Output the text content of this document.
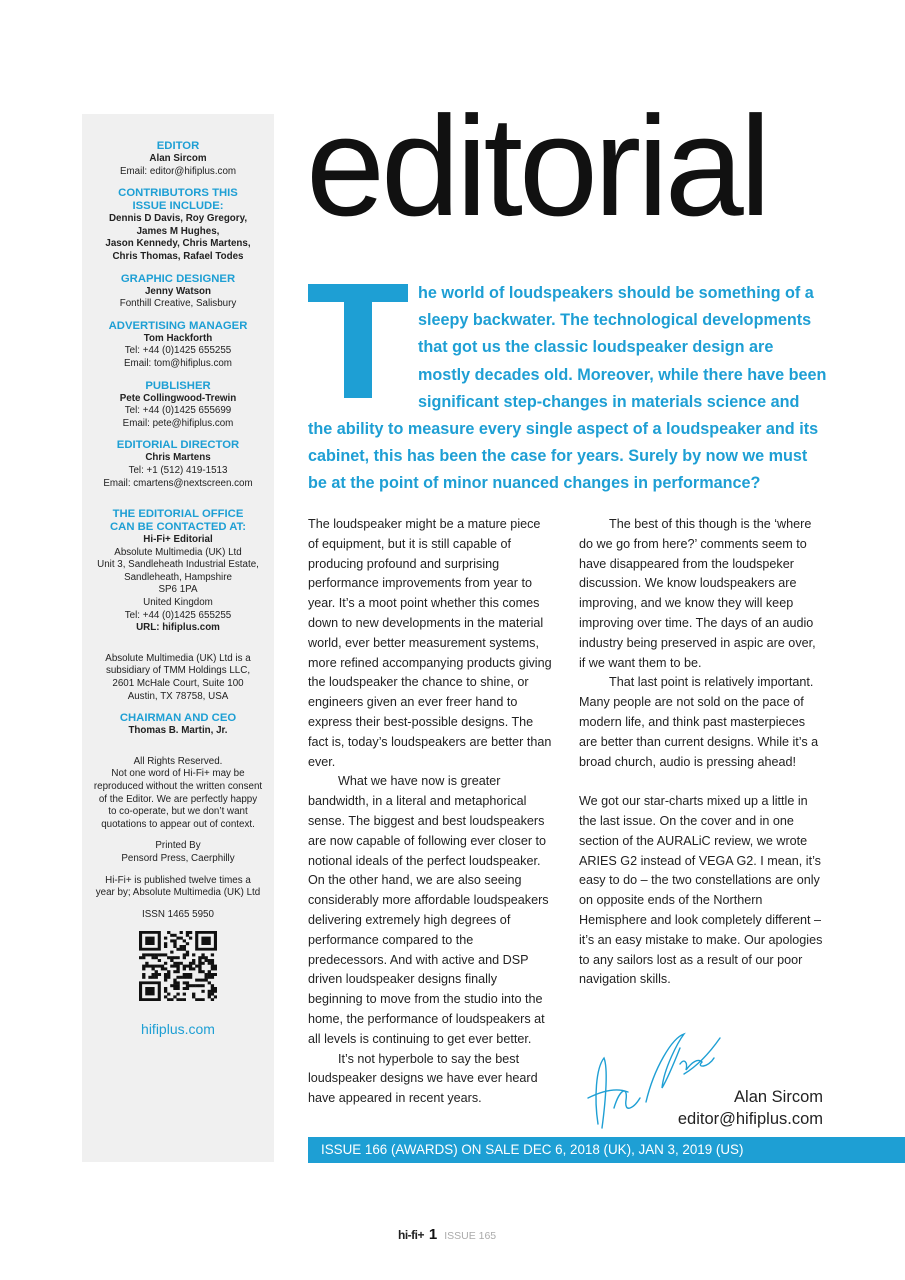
EDITOR
Alan Sircom
Email: editor@hifiplus.com
CONTRIBUTORS THIS
ISSUE INCLUDE:
Dennis D Davis, Roy Gregory,
James M Hughes,
Jason Kennedy, Chris Martens,
Chris Thomas, Rafael Todes
GRAPHIC DESIGNER
Jenny Watson
Fonthill Creative, Salisbury
ADVERTISING MANAGER
Tom Hackforth
Tel: +44 (0)1425 655255
Email: tom@hifiplus.com
PUBLISHER
Pete Collingwood-Trewin
Tel: +44 (0)1425 655699
Email: pete@hifiplus.com
EDITORIAL DIRECTOR
Chris Martens
Tel: +1 (512) 419-1513
Email: cmartens@nextscreen.com
THE EDITORIAL OFFICE
CAN BE CONTACTED AT:
Hi-Fi+ Editorial
Absolute Multimedia (UK) Ltd
Unit 3, Sandleheath Industrial Estate,
Sandleheath, Hampshire
SP6 1PA
United Kingdom
Tel: +44 (0)1425 655255
URL: hifiplus.com
Absolute Multimedia (UK) Ltd is a
subsidiary of TMM Holdings LLC,
2601 McHale Court, Suite 100
Austin, TX 78758, USA
CHAIRMAN AND CEO
Thomas B. Martin, Jr.
All Rights Reserved.
Not one word of Hi-Fi+ may be
reproduced without the written consent
of the Editor. We are perfectly happy
to co-operate, but we don’t want
quotations to appear out of context.
Printed By
Pensord Press, Caerphilly
Hi-Fi+ is published twelve times a
year by; Absolute Multimedia (UK) Ltd
ISSN 1465 5950
hifiplus.com
editorial
he world of loudspeakers should be something of a sleepy backwater. The technological developments that got us the classic loudspeaker design are mostly decades old. Moreover, while there have been significant step-changes in materials science and the ability to measure every single aspect of a loudspeaker and its cabinet, this has been the case for years. Surely by now we must be at the point of minor nuanced changes in performance?

The loudspeaker might be a mature piece of equipment, but it is still capable of producing profound and surprising performance improvements from year to year. It’s a moot point whether this comes down to new developments in the material world, ever better measurement systems, more refined accompanying products giving the loudspeaker the chance to shine, or engineers given an ever freer hand to express their best-possible designs. The fact is, today’s loudspeakers are better than ever.

What we have now is greater bandwidth, in a literal and metaphorical sense. The biggest and best loudspeakers are now capable of following ever closer to notional ideals of the perfect loudspeaker. On the other hand, we are also seeing considerably more affordable loudspeakers delivering extremely high degrees of performance compared to the predecessors. And with active and DSP driven loudspeaker designs finally beginning to move from the studio into the home, the performance of loudspeakers at all levels is continuing to get ever better.

It’s not hyperbole to say the best loudspeaker designs we have ever heard have appeared in recent years.

The best of this though is the ‘where do we go from here?’ comments seem to have disappeared from the loudspeker discussion. We know loudspeakers are improving, and we know they will keep improving over time. The days of an audio industry being preserved in aspic are over, if we want them to be.

That last point is relatively important. Many people are not sold on the pace of modern life, and think past masterpieces are better than current designs. While it’s a broad church, audio is pressing ahead!

We got our star-charts mixed up a little in the last issue. On the cover and in one section of the AURALiC review, we wrote ARIES G2 instead of VEGA G2. I mean, it’s easy to do – the two constellations are only on opposite ends of the Northern Hemisphere and look completely different – it’s an easy mistake to make. Our apologies to any sailors lost as a result of our poor navigation skills.

Alan Sircom
editor@hifiplus.com
ISSUE 166 (AWARDS) ON SALE DEC 6, 2018 (UK), JAN 3, 2019 (US)
hi-fi+ 1 ISSUE 165
